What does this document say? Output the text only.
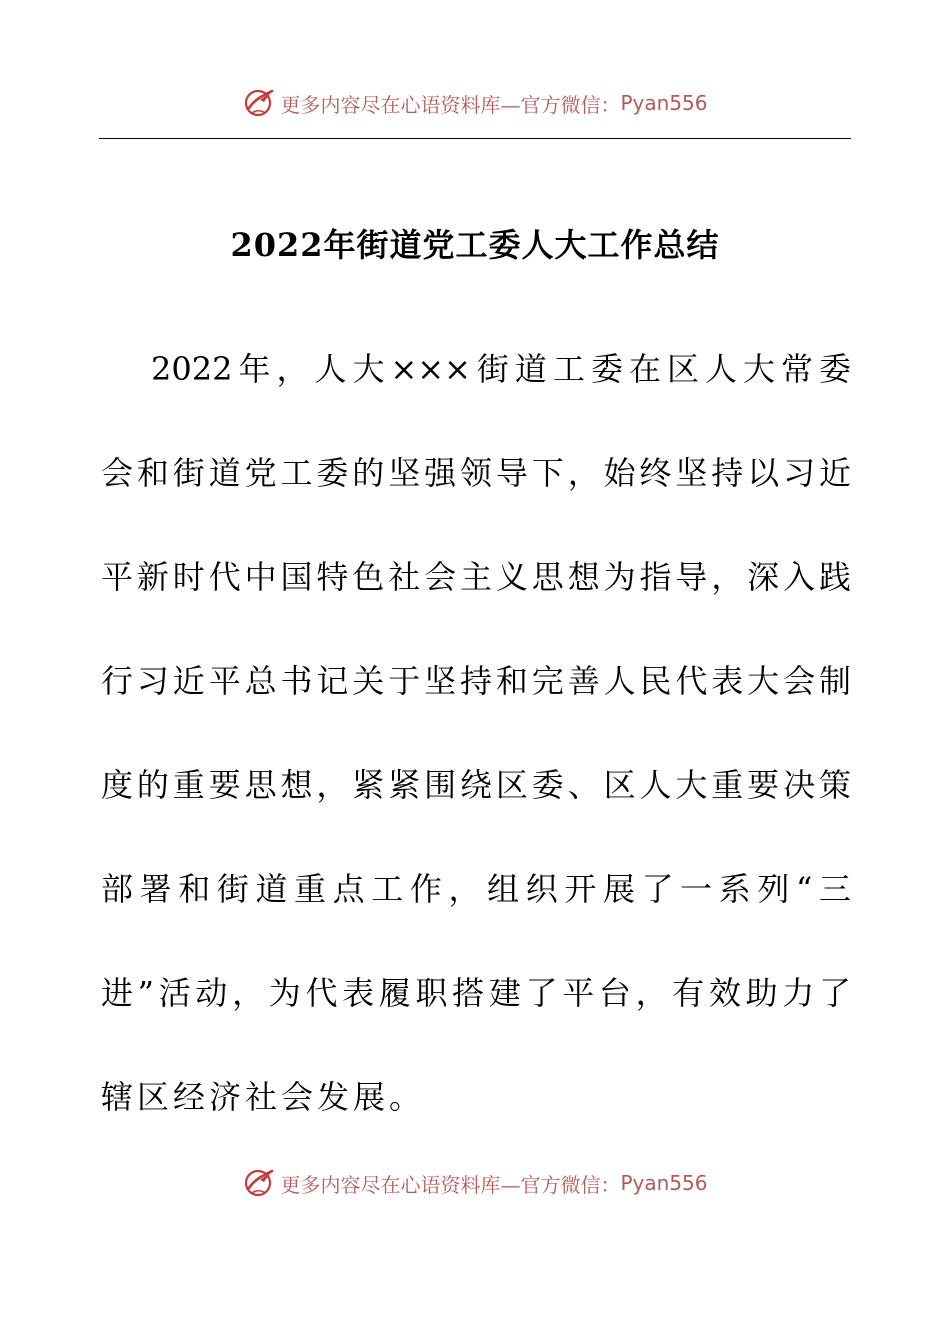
更多内容尽在心语资料库—官方微信： Pyan556
2022年街道党工委人大工作总结
2022年，人大×××街道工委在区人大常委
会和街道党工委的坚强领导下，始终坚持以习近
平新时代中国特色社会主义思想为指导，深入践
行习近平总书记关于坚持和完善人民代表大会制
度的重要思想，紧紧围绕区委、区人大重要决策
部署和街道重点工作，组织开展了一系列“三
进”活动，为代表履职搭建了平台，有效助力了
辖区经济社会发展。
更多内容尽在心语资料库—官方微信： Pyan556
